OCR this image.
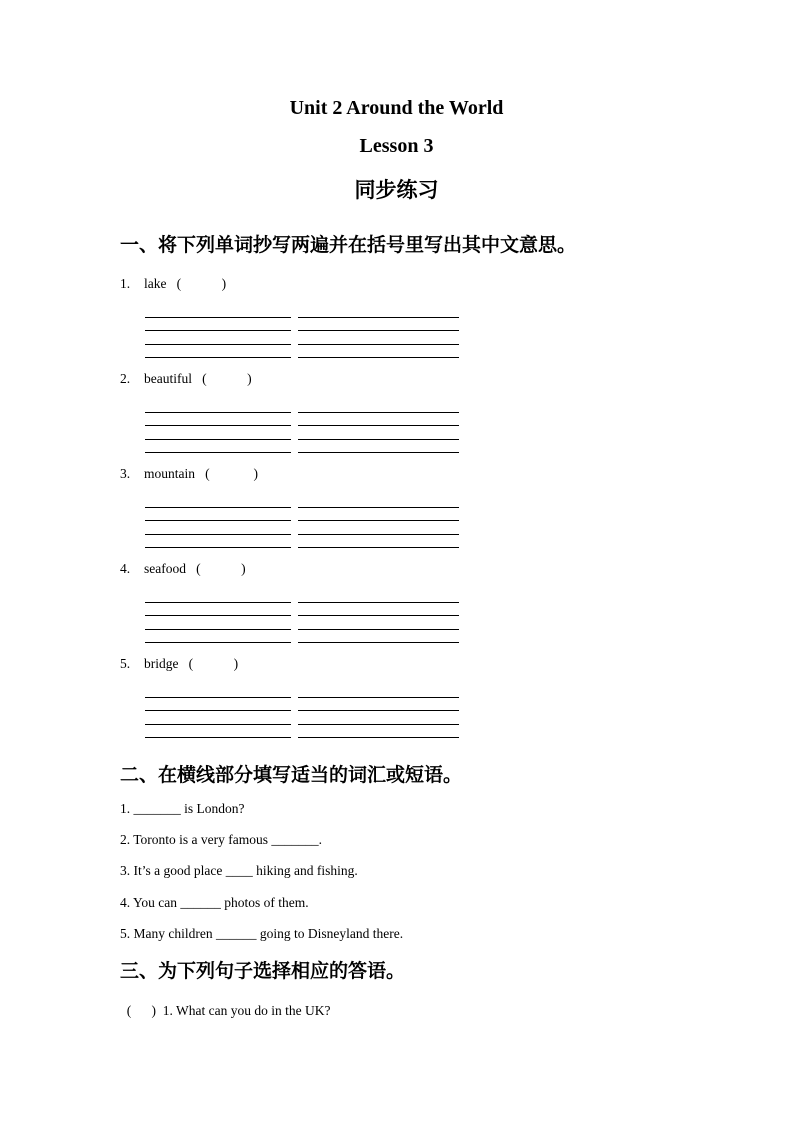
Unit 2 Around the World
Lesson 3
同步练习
一、将下列单词抄写两遍并在括号里写出其中文意思。
二、在横线部分填写适当的词汇或短语。
三、为下列句子选择相应的答语。
1. lake   (            )
2. beautiful   (            )
3. mountain   (             )
4. seafood   (            )
5. bridge   (            )
1. _______ is London?
2. Toronto is a very famous _______.
3. It’s a good place ____ hiking and fishing.
4. You can ______ photos of them.
5. Many children ______ going to Disneyland there.
(      )  1. What can you do in the UK?
